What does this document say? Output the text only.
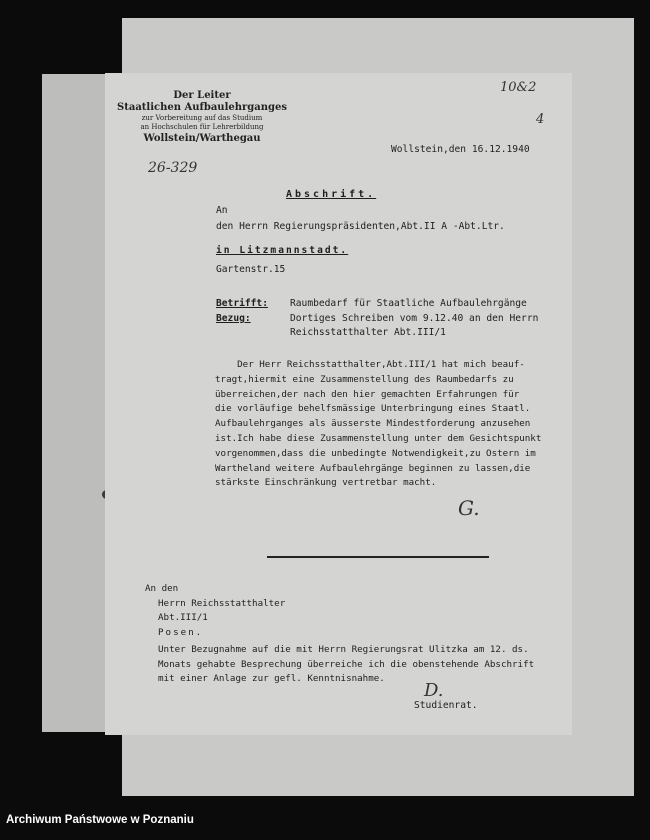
Der Leiter
Staatlichen Aufbaulehrganges
zur Vorbereitung auf das Studium
an Hochschulen für Lehrerbildung
Wollstein/Warthegau
10&2
4
26-329
Wollstein,den 16.12.1940
Abschrift.
An
den Herrn Regierungspräsidenten,Abt.II A -Abt.Ltr.
in Litzmannstadt.
Gartenstr.15
Betrifft: Raumbedarf für Staatliche Aufbaulehrgänge
Bezug:	Dortiges Schreiben vom 9.12.40 an den Herrn
Reichsstatthalter Abt.III/1
Der Herr Reichsstatthalter,Abt.III/1 hat mich beauf-
tragt,hiermit eine Zusammenstellung des Raumbedarfs zu
überreichen,der nach den hier gemachten Erfahrungen für
die vorläufige behelfsmässige Unterbringung eines Staatl.
Aufbaulehrganges als äusserste Mindestforderung anzusehen
ist.Ich habe diese Zusammenstellung unter dem Gesichtspunkt
vorgenommen,dass die unbedingte Notwendigkeit,zu Ostern im
Wartheland weitere Aufbaulehrgänge beginnen zu lassen,die
stärkste Einschränkung vertretbar macht.
G.
An den
Herrn Reichsstatthalter
Abt.III/1
Posen.
Unter Bezugnahme auf die mit Herrn Regierungsrat Ulitzka am 12. ds.
Monats gehabte Besprechung überreiche ich die obenstehende Abschrift
mit einer Anlage zur gefl. Kenntnisnahme.
D.
Studienrat.
Archiwum Państwowe w Poznaniu
